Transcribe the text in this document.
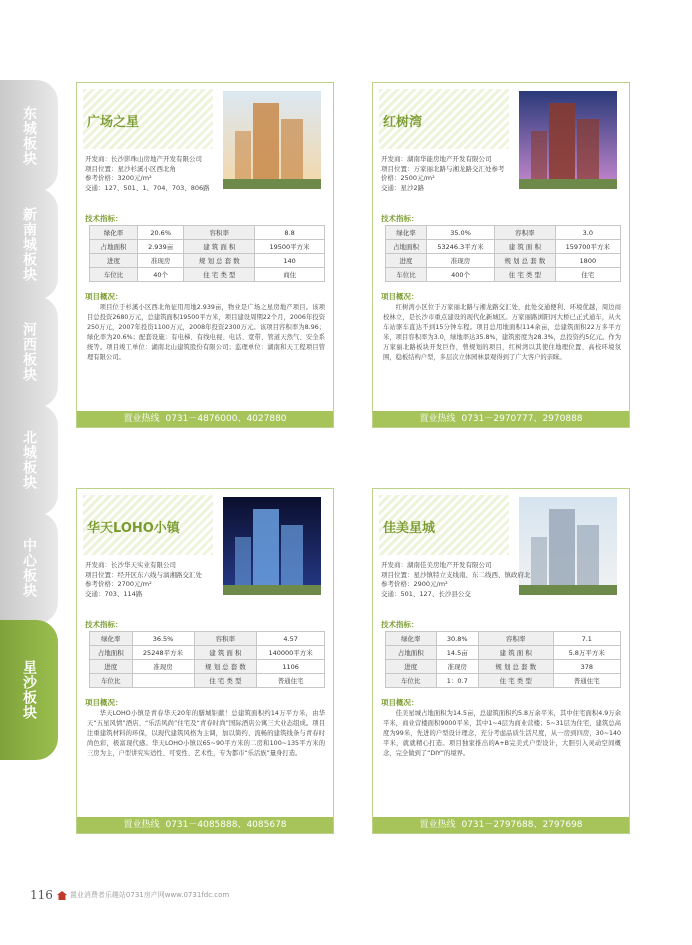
东城板块
新南城板块
河西板块
北城板块
中心板块
星沙板块
广场之星
开发商：长沙影珠山房地产开发有限公司
项目位置：星沙杉溪小区西北角
参考价格：3200元/m²
交通：127、501、1、704、703、806路
技术指标：
绿化率	20.6%	容积率	8.8
占地面积	2.939亩	建 筑 面 积	19500平方米
进度	准现房	规 划 总 套 数	140
车位比	40个	住 宅 类 型	商住
项目概况：
项目位于杉溪小区西北角征用用地2.939亩，物业是广场之星房地产项目。该项目总投资2680万元，总建筑面积19500平方米，项目建设周期22个月，2006年投资250万元，2007年投资1100万元，2008年投资2300万元。该项目容积率为8.96；绿化率为20.6%；配套设施：有电梯、有线电视、电话、宽带、管道天然气、安全系统等。项目竣工单位：湖南北山建筑股份有限公司；监理单位：湖南和天工程项目管理有限公司。
置业热线 0731－4876000、4027880
红树湾
开发商：湖南华能房地产开发有限公司
项目位置：万家丽北路与湘龙路交汇处参考
价格：2500元/m²
交通：星沙2路
技术指标：
绿化率	35.0%	容积率	3.0
占地面积	53246.3平方米	建 筑 面 积	159700平方米
进度	准现房	规 划 总 套 数	1800
车位比	400个	住 宅 类 型	住宅
项目概况：
红树湾小区位于万家丽北路与湘龙路交汇处，此处交通便利、环境优越，周边商校林立，是长沙市重点建设的现代化新城区。万家丽路浏阳河大桥已正式通车，从火车站驱车直达不到15分钟车程。项目总用地面积114余亩，总建筑面积22万多平方米，项目容积率为3.0，绿地率达35.8%，建筑密度为28.3%，总投资约5亿元。作为万家丽北路板块开发巨作，曾规划的项目，红树湾以其使住地理位置、高校环境氛围，稳板结构户型，多层次立体园林景观得到了广大客户的亲睐。
置业热线 0731－2970777、2970888
华天LOHO小镇
开发商：长沙华天实业有限公司
项目位置：经开区东六线与漓湘路交汇处
参考价格：2700元/m²
交通：703、114路
技术指标：
绿化率	36.5%	容积率	4.57
占地面积	25248平方米	建 筑 面 积	140000平方米
进度	准现房	规 划 总 套 数	1106
车位比		住 宅 类 型	普通住宅
项目概况：
华天LOHO小镇是青春华天20年的膳城钜献！总建筑面积约14万平方米，由华天“五星风情”酒店、“乐活风尚”住宅及“青春时尚”国际酒店公寓三大业态组成。项目注重建筑材料的环保，以现代建筑风格为主调，加以简约、流畅的建筑线条与青春时尚色彩，极富现代感。华天LOHO小镇以65~90平方米的二房和100~135平方米的三房为主，户型讲究实适性、可变性、艺术性，专为都市“乐活族”量身打造。
置业热线 0731－4085888、4085678
佳美星城
开发商：湖南佳美房地产开发有限公司
项目位置：星沙镇特立支线南、东二线西、镇政府北
参考价格：2900元/m²
交通：501、127、长沙县公交
技术指标：
绿化率	30.8%	容积率	7.1
占地面积	14.5亩	建 筑 面 积	5.8万平方米
进度	准现房	规 划 总 套 数	378
车位比	1：0.7	住 宅 类 型	普通住宅
项目概况：
佳美星城占地面积为14.5亩，总建筑面积约5.8万余平米，其中住宅面积4.9万余平米，商业营楼面积9000平米，其中1~4层为商业营楼；5~31层为住宅，建筑总高度为99米，先进的户型设计理念，充分考虑品质生活尺度，从一房到四房，30~140平米，就就精心打造。项目独家推出的A+B完美式户型设计，大胆引入灵动空间概念，完全做到了“DIY”的境界。
置业热线 0731－2797688、2797698
116 置业消费者乐趣站0731房产网www.0731fdc.com
